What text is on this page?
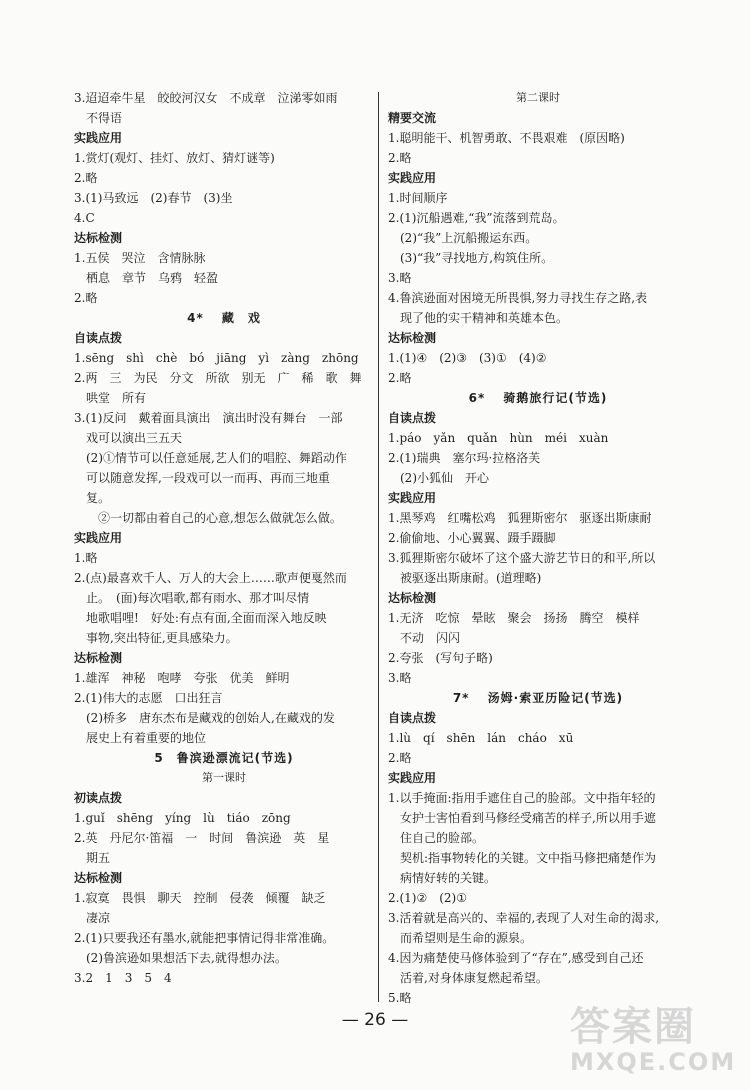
3.迢迢牵牛星　皎皎河汉女　不成章　泣涕零如雨
不得语
实践应用
1.赏灯(观灯、挂灯、放灯、猜灯谜等)
2.略
3.(1)马致远　(2)春节　(3)坐
4.C
达标检测
1.五侯　哭泣　含情脉脉
栖息　章节　乌鸦　轻盈
2.略
4* 　藏　戏
自读点拨
1.sēng　shì　chè　bó　jiāng　yì　zàng　zhōng
2.两　三　为民　分文　所欲　别无　广　稀　歌　舞
哄堂　所有
3.(1)反问　戴着面具演出　演出时没有舞台　一部
戏可以演出三五天
(2)①情节可以任意延展,艺人们的唱腔、舞蹈动作
可以随意发挥,一段戏可以一而再、再而三地重
复。
　②一切都由着自己的心意,想怎么做就怎么做。
实践应用
1.略
2.(点)最喜欢千人、万人的大会上……歌声便戛然而
止。　(面)每次唱歌,都有雨水、那才叫尽情
地歌唱哩!　好处:有点有面,全面而深入地反映
事物,突出特征,更具感染力。
达标检测
1.雄浑　神秘　咆哮　夸张　优美　鲜明
2.(1)伟大的志愿　口出狂言
(2)桥多　唐东杰布是藏戏的创始人,在藏戏的发
展史上有着重要的地位
5　鲁滨逊漂流记(节选)
第一课时
初读点拨
1.guǐ　shēng　yíng　lù　tiáo　zōng
2.英　丹尼尔·笛福　一　时间　鲁滨逊　英　星
期五
达标检测
1.寂寞　畏惧　聊天　控制　侵袭　倾覆　缺乏
凄凉
2.(1)只要我还有墨水,就能把事情记得非常准确。
(2)鲁滨逊如果想活下去,就得想办法。
3.2　1　3　5　4
第二课时
精要交流
1.聪明能干、机智勇敢、不畏艰难　(原因略)
2.略
实践应用
1.时间顺序
2.(1)沉船遇难,“我”流落到荒岛。
(2)“我”上沉船搬运东西。
(3)“我”寻找地方,构筑住所。
3.略
4.鲁滨逊面对困境无所畏惧,努力寻找生存之路,表
现了他的实干精神和英雄本色。
达标检测
1.(1)④　(2)③　(3)①　(4)②
2.略
6* 　骑鹅旅行记(节选)
自读点拨
1.páo　yǎn　quǎn　hùn　méi　xuàn
2.(1)瑞典　塞尔玛·拉格洛芙
(2)小狐仙　开心
实践应用
1.黑琴鸡　红嘴松鸡　狐狸斯密尔　驱逐出斯康耐
2.偷偷地、小心翼翼、蹑手蹑脚
3.狐狸斯密尔破坏了这个盛大游艺节日的和平,所以
被驱逐出斯康耐。(道理略)
达标检测
1.无济　吃惊　晕眩　聚会　扬扬　腾空　模样
不动　闪闪
2.夸张　(写句子略)
3.略
7* 　汤姆·索亚历险记(节选)
自读点拨
1.lù　qí　shēn　lán　cháo　xū
2.略
实践应用
1.以手掩面:指用手遮住自己的脸部。文中指年轻的
女护士害怕看到马修经受痛苦的样子,所以用手遮
住自己的脸部。
契机:指事物转化的关键。文中指马修把痛楚作为
病情好转的关键。
2.(1)②　(2)①
3.活着就是高兴的、幸福的,表现了人对生命的渴求,
而希望则是生命的源泉。
4.因为痛楚使马修体验到了“存在”,感受到自己还
活着,对身体康复燃起希望。
5.略
— 26 —	答案圈
MXQE.COM
